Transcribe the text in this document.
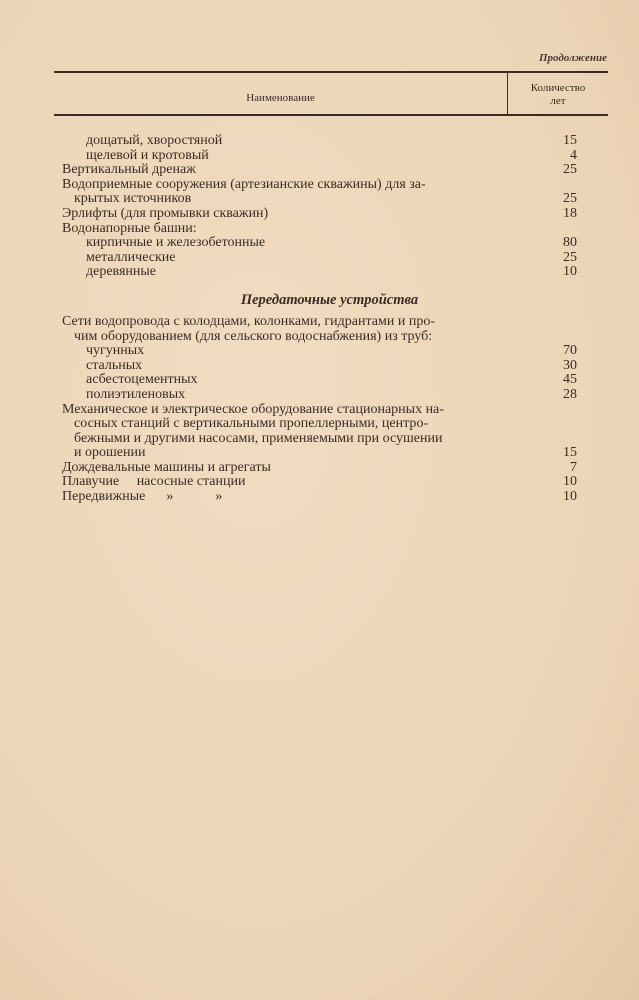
Продолжение
Наименование
Количество
лет
дощатый, хворостяной	15
щелевой и кротовый	4
Вертикальный дренаж	25
Водоприемные сооружения (артезианские скважины) для за-
крытых источников	25
Эрлифты (для промывки скважин)	18
Водонапорные башни:
кирпичные и железобетонные	80
металлические	25
деревянные	10
Передаточные устройства
Сети водопровода с колодцами, колонками, гидрантами и про-
чим оборудованием (для сельского водоснабжения) из труб:
чугунных	70
стальных	30
асбестоцементных	45
полиэтиленовых	28
Механическое и электрическое оборудование стационарных на-
сосных станций с вертикальными пропеллерными, центро-
бежными и другими насосами, применяемыми при осушении
и орошении	15
Дождевальные машины и агрегаты	7
Плавучие     насосные станции	10
Передвижные      »            »	10
